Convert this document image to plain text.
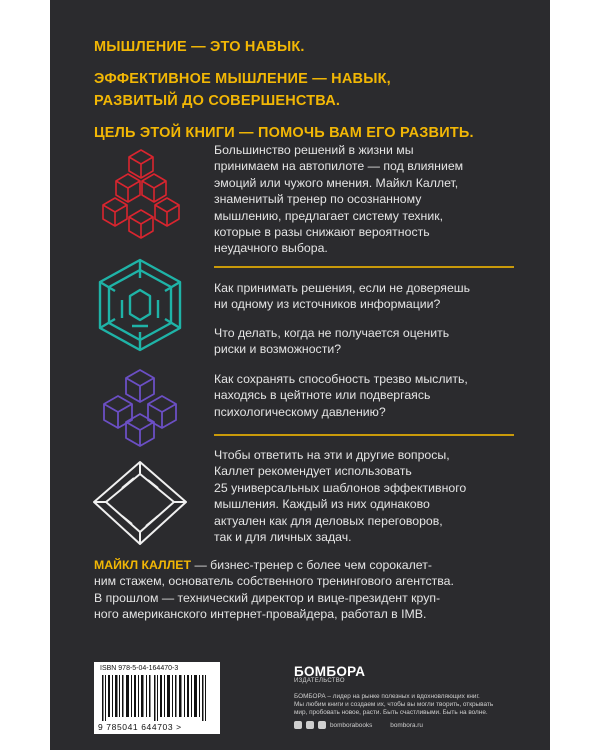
МЫШЛЕНИЕ — ЭТО НАВЫК.
ЭФФЕКТИВНОЕ МЫШЛЕНИЕ — НАВЫК,
РАЗВИТЫЙ ДО СОВЕРШЕНСТВА.
ЦЕЛЬ ЭТОЙ КНИГИ — ПОМОЧЬ ВАМ ЕГО РАЗВИТЬ.
Большинство решений в жизни мы
принимаем на автопилоте — под влиянием
эмоций или чужого мнения. Майкл Каллет,
знаменитый тренер по осознанному
мышлению, предлагает систему техник,
которые в разы снижают вероятность
неудачного выбора.
Как принимать решения, если не доверяешь
ни одному из источников информации?
Что делать, когда не получается оценить
риски и возможности?
Как сохранять способность трезво мыслить,
находясь в цейтноте или подвергаясь
психологическому давлению?
Чтобы ответить на эти и другие вопросы,
Каллет рекомендует использовать
25 универсальных шаблонов эффективного
мышления. Каждый из них одинаково
актуален как для деловых переговоров,
так и для личных задач.
МАЙКЛ КАЛЛЕТ — бизнес-тренер с более чем сорокалет-
ним стажем, основатель собственного тренингового агентства.
В прошлом — технический директор и вице-президент круп-
ного американского интернет-провайдера, работал в IMB.
ISBN 978-5-04-164470-3
9 785041 644703 >
БОМБОРА
ИЗДАТЕЛЬСТВО
БОМБОРА – лидер на рынке полезных и вдохновляющих книг.
Мы любим книги и создаем их, чтобы вы могли творить, открывать
мир, пробовать новое, расти. Быть счастливыми. Быть на волне.
bomborabooks	bombora.ru
